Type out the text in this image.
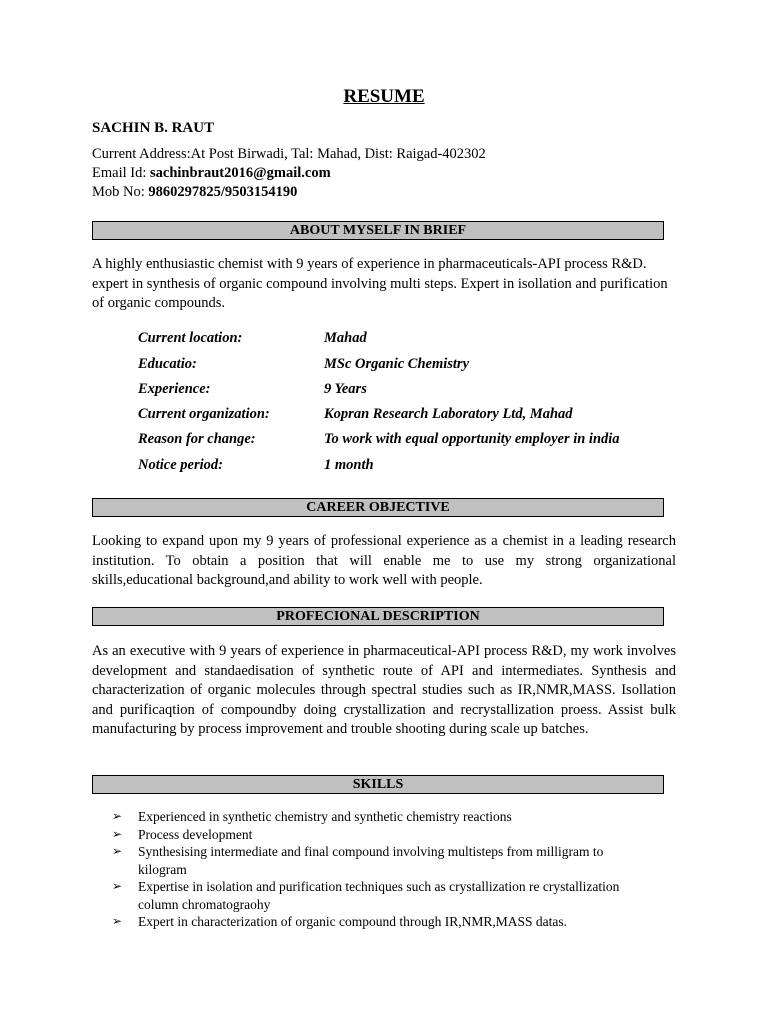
RESUME
SACHIN B. RAUT
Current Address:At Post Birwadi, Tal: Mahad, Dist: Raigad-402302
Email Id: sachinbraut2016@gmail.com
Mob No: 9860297825/9503154190
ABOUT MYSELF IN BRIEF
A highly enthusiastic chemist with 9 years of experience in pharmaceuticals-API process R&D. expert in synthesis of organic compound involving multi steps. Expert in isollation and purification of organic compounds.
Current location:	Mahad
Educatio:	MSc Organic Chemistry
Experience:	9 Years
Current organization:	Kopran Research Laboratory Ltd, Mahad
Reason for change:	To work with equal opportunity employer in india
Notice period:	1 month
CAREER OBJECTIVE
Looking to expand upon my 9 years of professional experience as a chemist in a leading research institution. To obtain a position that will enable me to use my strong organizational skills,educational background,and ability to work well with people.
PROFECIONAL DESCRIPTION
As an executive with 9 years of experience in pharmaceutical-API process R&D, my work involves development and standaedisation of synthetic route of API and intermediates. Synthesis and characterization of organic molecules through spectral studies such as IR,NMR,MASS. Isollation and purificaqtion of compoundby doing crystallization and recrystallization proess. Assist bulk manufacturing by process improvement and trouble shooting during scale up batches.
SKILLS
➢ Experienced in synthetic chemistry and synthetic chemistry reactions
➢ Process development
➢ Synthesising intermediate and final compound involving multisteps from milligram to kilogram
➢ Expertise in isolation and purification techniques such as crystallization re crystallization column chromatograohy
➢ Expert in characterization of organic compound through IR,NMR,MASS datas.
